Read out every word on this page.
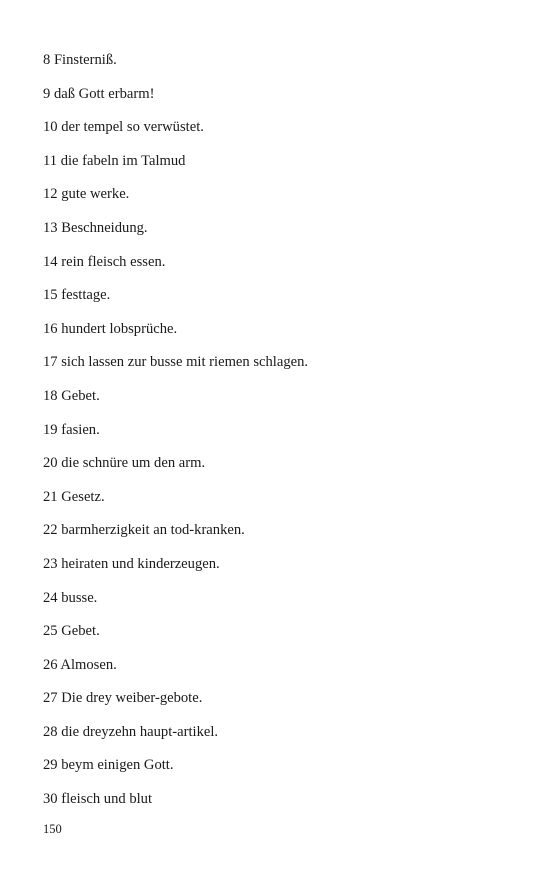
8 Finsterniß.
9 daß Gott erbarm!
10 der tempel so verwüstet.
11 die fabeln im Talmud
12 gute werke.
13 Beschneidung.
14 rein fleisch essen.
15 festtage.
16 hundert lobsprüche.
17 sich lassen zur busse mit riemen schlagen.
18 Gebet.
19 fasien.
20 die schnüre um den arm.
21 Gesetz.
22 barmherzigkeit an tod-kranken.
23 heiraten und kinderzeugen.
24 busse.
25 Gebet.
26 Almosen.
27 Die drey weiber-gebote.
28 die dreyzehn haupt-artikel.
29 beym einigen Gott.
30 fleisch und blut
150
